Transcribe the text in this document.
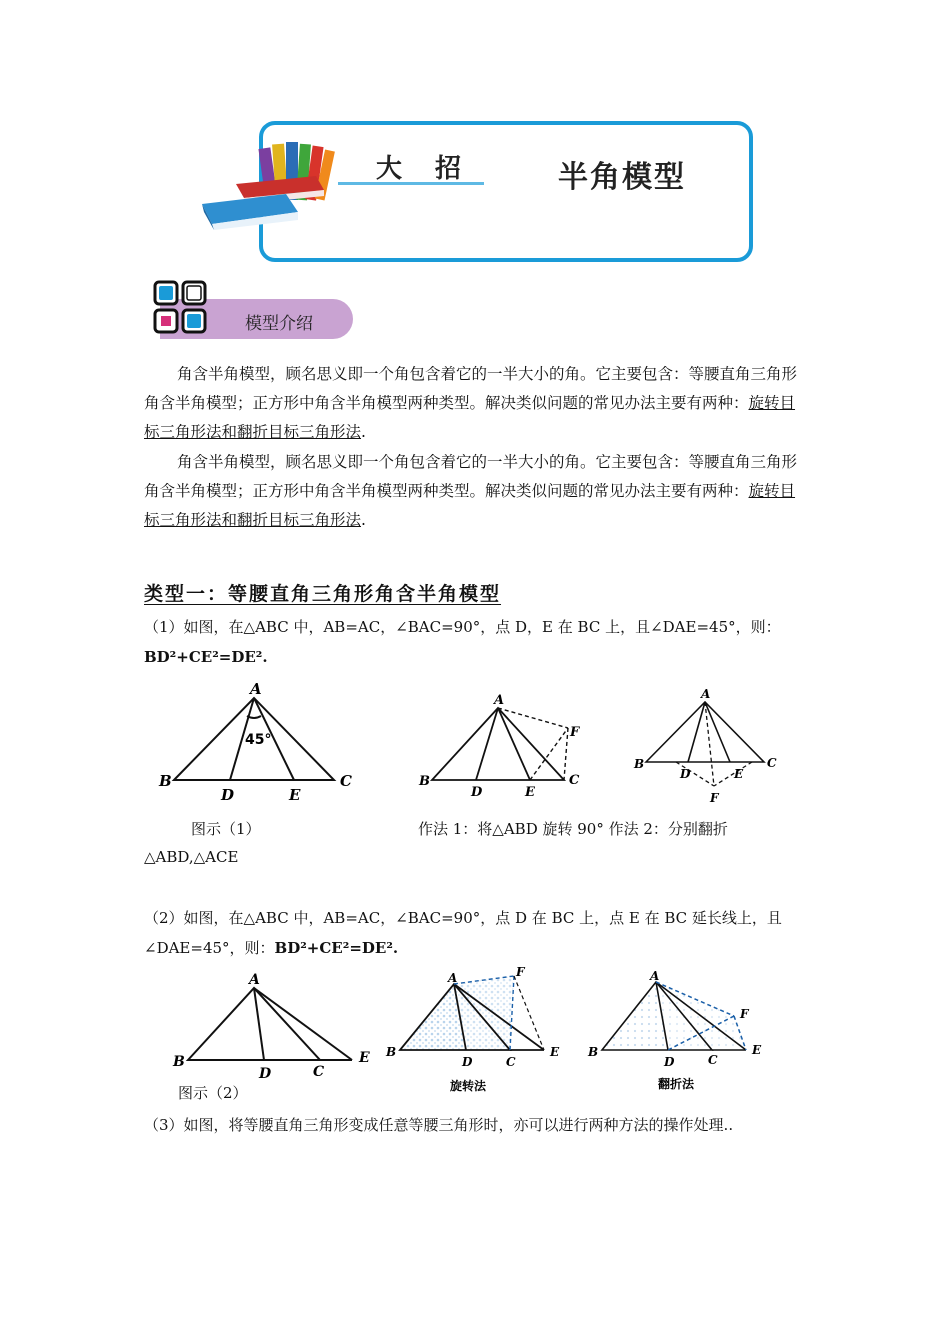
大 招	半角模型
模型介绍
角含半角模型，顾名思义即一个角包含着它的一半大小的角。它主要包含：等腰直角三角形角含半角模型；正方形中角含半角模型两种类型。解决类似问题的常见办法主要有两种：旋转目标三角形法和翻折目标三角形法.
角含半角模型，顾名思义即一个角包含着它的一半大小的角。它主要包含：等腰直角三角形角含半角模型；正方形中角含半角模型两种类型。解决类似问题的常见办法主要有两种：旋转目标三角形法和翻折目标三角形法.
类型一：等腰直角三角形角含半角模型
（1）如图，在△ABC 中，AB=AC，∠BAC=90°，点 D，E 在 BC 上，且∠DAE=45°，则：
BD²+CE²=DE².
A
B	C
D	E
45°
A
B	C
D	E
F
A
B	C
D	E
F
图示（1）	作法 1：将△ABD 旋转 90° 作法 2：分别翻折
△ABD,△ACE
（2）如图，在△ABC 中，AB=AC，∠BAC=90°，点 D 在 BC 上，点 E 在 BC 延长线上，且∠DAE=45°，则：BD²+CE²=DE².
A
B
D	C
E
图示（2）
A	F
B
D	C
E
旋转法
A
F
B
D	C
E
翻折法
（3）如图，将等腰直角三角形变成任意等腰三角形时，亦可以进行两种方法的操作处理..
